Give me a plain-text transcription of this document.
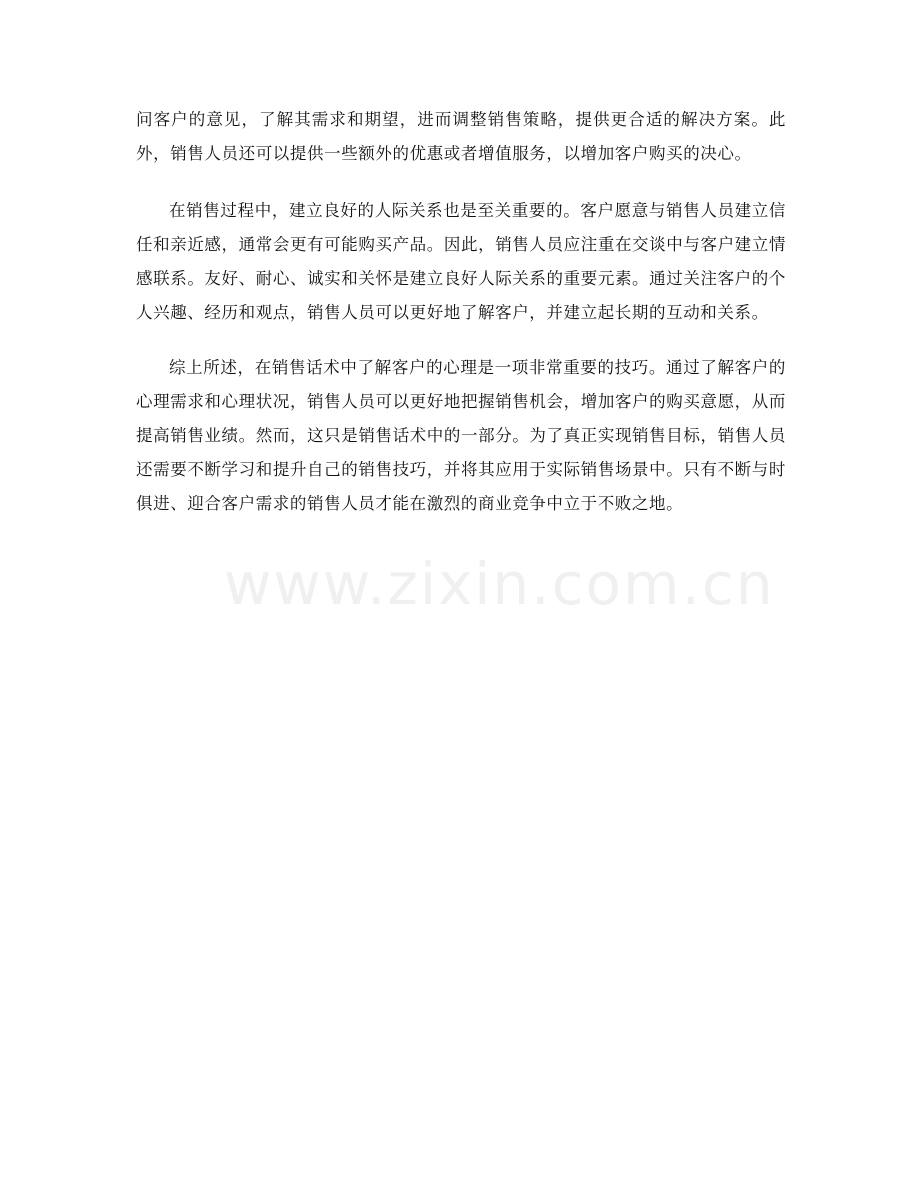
问客户的意见，了解其需求和期望，进而调整销售策略，提供更合适的解决方案。此外，销售人员还可以提供一些额外的优惠或者增值服务，以增加客户购买的决心。

在销售过程中，建立良好的人际关系也是至关重要的。客户愿意与销售人员建立信任和亲近感，通常会更有可能购买产品。因此，销售人员应注重在交谈中与客户建立情感联系。友好、耐心、诚实和关怀是建立良好人际关系的重要元素。通过关注客户的个人兴趣、经历和观点，销售人员可以更好地了解客户，并建立起长期的互动和关系。

综上所述，在销售话术中了解客户的心理是一项非常重要的技巧。通过了解客户的心理需求和心理状况，销售人员可以更好地把握销售机会，增加客户的购买意愿，从而提高销售业绩。然而，这只是销售话术中的一部分。为了真正实现销售目标，销售人员还需要不断学习和提升自己的销售技巧，并将其应用于实际销售场景中。只有不断与时俱进、迎合客户需求的销售人员才能在激烈的商业竞争中立于不败之地。

www.zixin.com.cn
